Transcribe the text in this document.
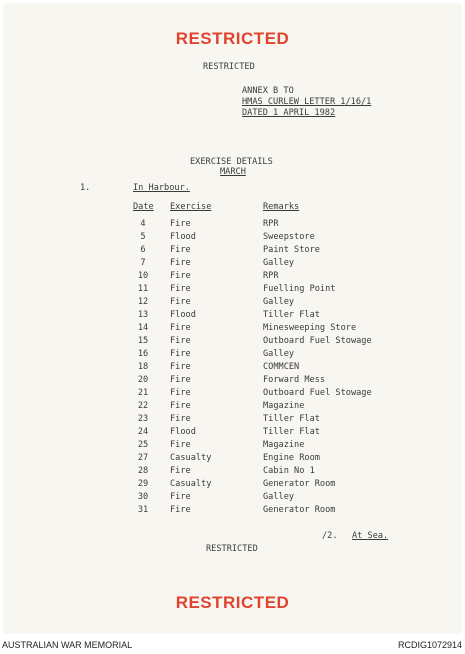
RESTRICTED
RESTRICTED
ANNEX B TO
HMAS CURLEW LETTER 1/16/1
DATED 1 APRIL 1982
EXERCISE DETAILS
MARCH
1.	In Harbour.
Date Exercise	Remarks
4	Fire	RPR
5	Flood	Sweepstore
6	Fire	Paint Store
7	Fire	Galley
10	Fire	RPR
11	Fire	Fuelling Point
12	Fire	Galley
13	Flood	Tiller Flat
14	Fire	Minesweeping Store
15	Fire	Outboard Fuel Stowage
16	Fire	Galley
18	Fire	COMMCEN
20	Fire	Forward Mess
21	Fire	Outboard Fuel Stowage
22	Fire	Magazine
23	Fire	Tiller Flat
24	Flood	Tiller Flat
25	Fire	Magazine
27	Casualty	Engine Room
28	Fire	Cabin No 1
29	Casualty	Generator Room
30	Fire	Galley
31	Fire	Generator Room
/2. At Sea.
RESTRICTED
RESTRICTED
AUSTRALIAN WAR MEMORIAL	RCDIG1072914
